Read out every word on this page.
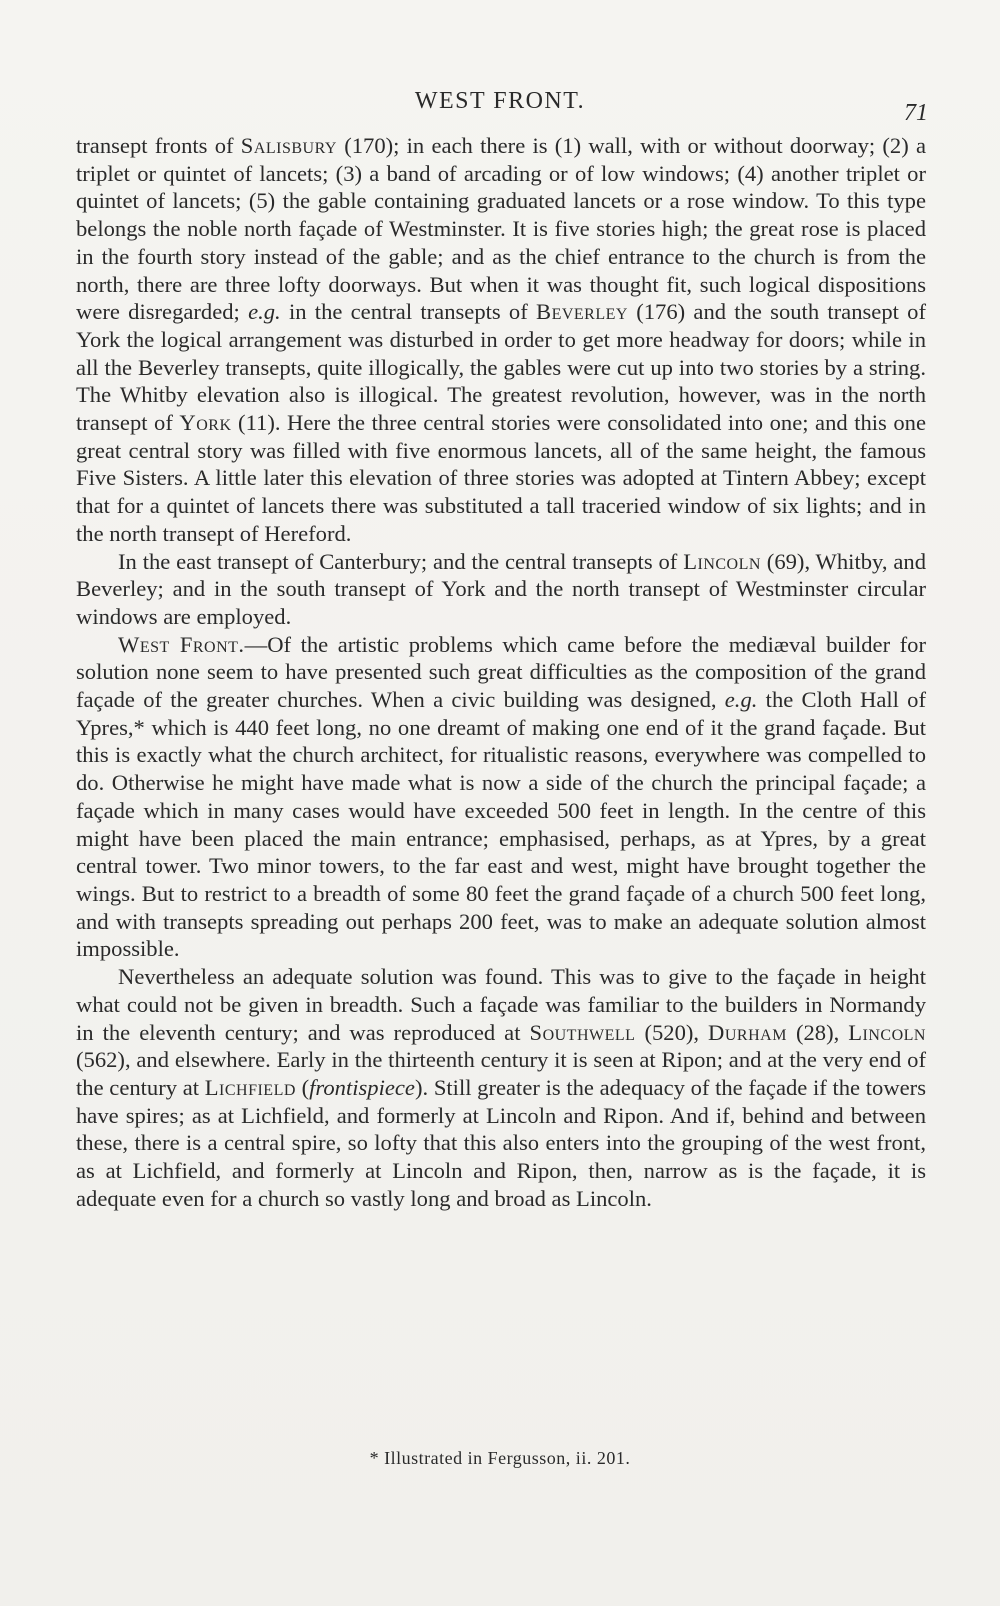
WEST FRONT.	71

transept fronts of Salisbury (170); in each there is (1) wall, with or without doorway; (2) a triplet or quintet of lancets; (3) a band of arcading or of low windows; (4) another triplet or quintet of lancets; (5) the gable containing graduated lancets or a rose window. To this type belongs the noble north façade of Westminster. It is five stories high; the great rose is placed in the fourth story instead of the gable; and as the chief entrance to the church is from the north, there are three lofty doorways. But when it was thought fit, such logical dispositions were disregarded; e.g. in the central transepts of Beverley (176) and the south transept of York the logical arrangement was disturbed in order to get more headway for doors; while in all the Beverley transepts, quite illogically, the gables were cut up into two stories by a string. The Whitby elevation also is illogical. The greatest revolution, however, was in the north transept of York (11). Here the three central stories were consolidated into one; and this one great central story was filled with five enormous lancets, all of the same height, the famous Five Sisters. A little later this elevation of three stories was adopted at Tintern Abbey; except that for a quintet of lancets there was substituted a tall traceried window of six lights; and in the north transept of Hereford.

In the east transept of Canterbury; and the central transepts of Lincoln (69), Whitby, and Beverley; and in the south transept of York and the north transept of Westminster circular windows are employed.

West Front.—Of the artistic problems which came before the mediæval builder for solution none seem to have presented such great difficulties as the composition of the grand façade of the greater churches. When a civic building was designed, e.g. the Cloth Hall of Ypres,* which is 440 feet long, no one dreamt of making one end of it the grand façade. But this is exactly what the church architect, for ritualistic reasons, everywhere was compelled to do. Otherwise he might have made what is now a side of the church the principal façade; a façade which in many cases would have exceeded 500 feet in length. In the centre of this might have been placed the main entrance; emphasised, perhaps, as at Ypres, by a great central tower. Two minor towers, to the far east and west, might have brought together the wings. But to restrict to a breadth of some 80 feet the grand façade of a church 500 feet long, and with transepts spreading out perhaps 200 feet, was to make an adequate solution almost impossible.

Nevertheless an adequate solution was found. This was to give to the façade in height what could not be given in breadth. Such a façade was familiar to the builders in Normandy in the eleventh century; and was reproduced at Southwell (520), Durham (28), Lincoln (562), and elsewhere. Early in the thirteenth century it is seen at Ripon; and at the very end of the century at Lichfield (frontispiece). Still greater is the adequacy of the façade if the towers have spires; as at Lichfield, and formerly at Lincoln and Ripon. And if, behind and between these, there is a central spire, so lofty that this also enters into the grouping of the west front, as at Lichfield, and formerly at Lincoln and Ripon, then, narrow as is the façade, it is adequate even for a church so vastly long and broad as Lincoln.

* Illustrated in Fergusson, ii. 201.
